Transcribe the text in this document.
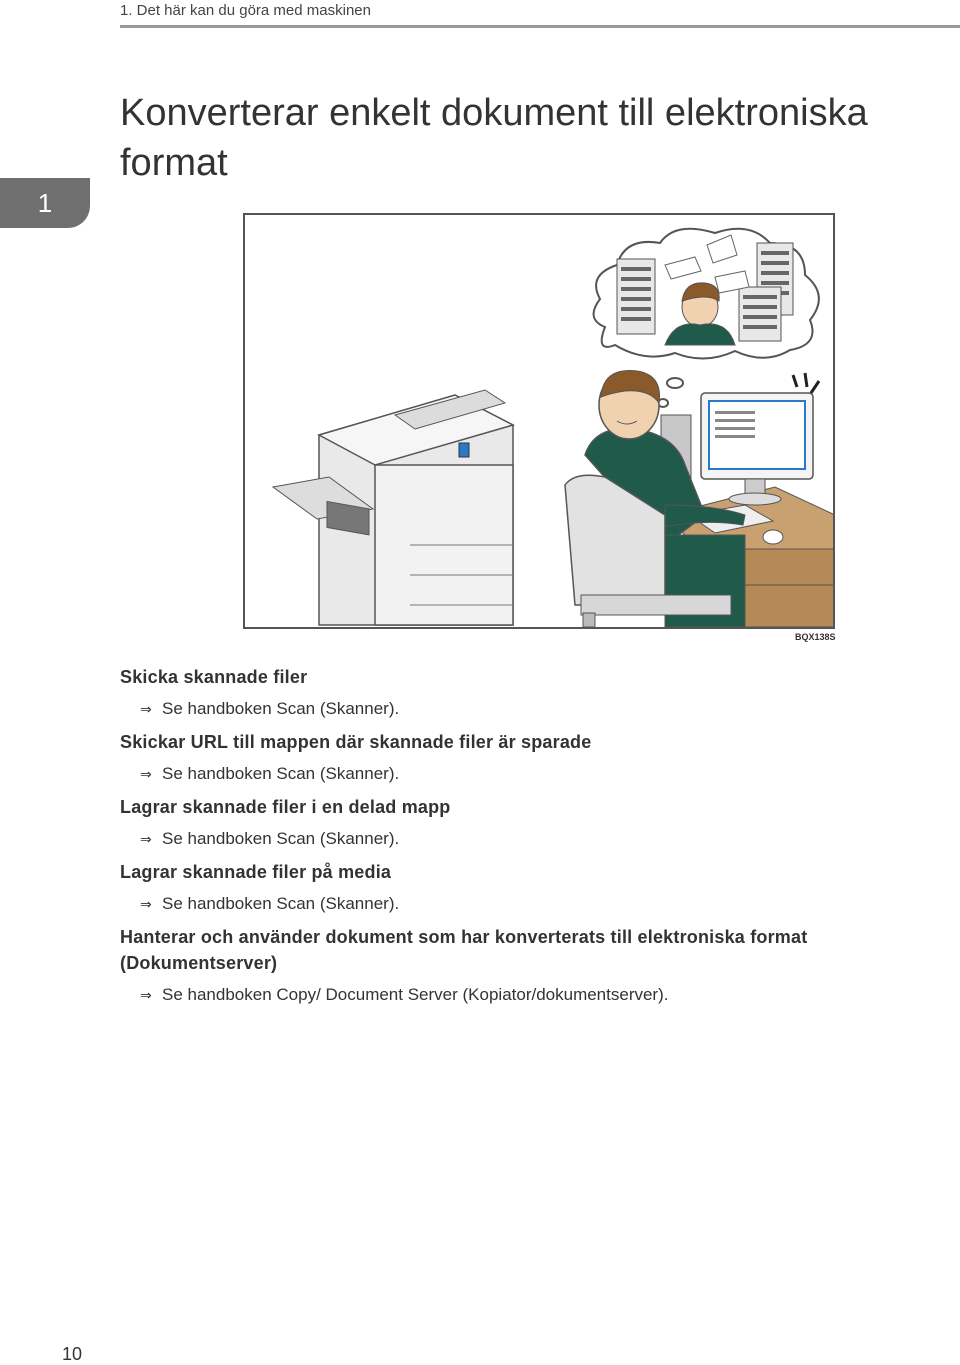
1. Det här kan du göra med maskinen
1
Konverterar enkelt dokument till elektroniska format
BQX138S

Skicka skannade filer

⇒ Se handboken Scan (Skanner).

Skickar URL till mappen där skannade filer är sparade

⇒ Se handboken Scan (Skanner).

Lagrar skannade filer i en delad mapp

⇒ Se handboken Scan (Skanner).

Lagrar skannade filer på media

⇒ Se handboken Scan (Skanner).

Hanterar och använder dokument som har konverterats till elektroniska format (Dokumentserver)

⇒ Se handboken Copy/ Document Server (Kopiator/dokumentserver).

10
